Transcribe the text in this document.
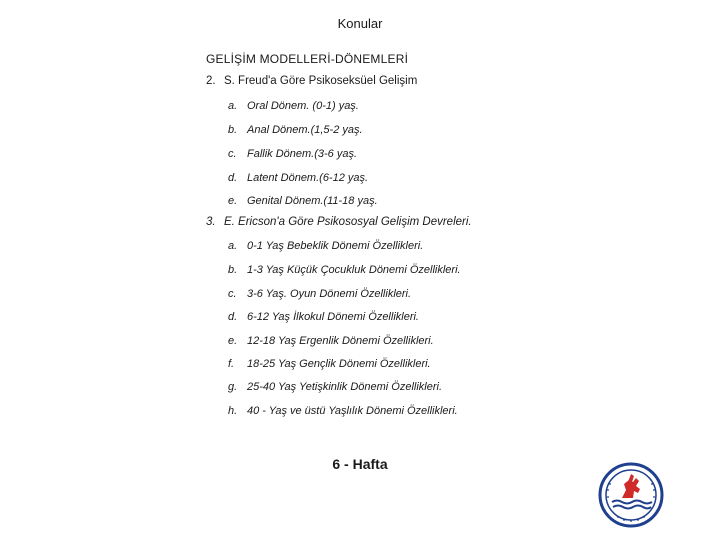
Konular
GELİŞİM MODELLERİ-DÖNEMLERİ
2. S. Freud'a Göre Psikoseksüel Gelişim
a. Oral Dönem. (0-1) yaş.
b. Anal Dönem.(1,5-2 yaş.
c. Fallik Dönem.(3-6 yaş.
d. Latent Dönem.(6-12 yaş.
e. Genital Dönem.(11-18 yaş.
3. E. Ericson'a Göre Psikososyal Gelişim Devreleri.
a. 0-1 Yaş Bebeklik Dönemi Özellikleri.
b. 1-3 Yaş Küçük Çocukluk Dönemi Özellikleri.
c. 3-6 Yaş. Oyun Dönemi Özellikleri.
d. 6-12 Yaş İlkokul Dönemi Özellikleri.
e. 12-18 Yaş Ergenlik Dönemi Özellikleri.
f. 18-25 Yaş Gençlik Dönemi Özellikleri.
g. 25-40 Yaş Yetişkinlik Dönemi Özellikleri.
h. 40 - Yaş ve üstü Yaşlılık Dönemi Özellikleri.
6 - Hafta
